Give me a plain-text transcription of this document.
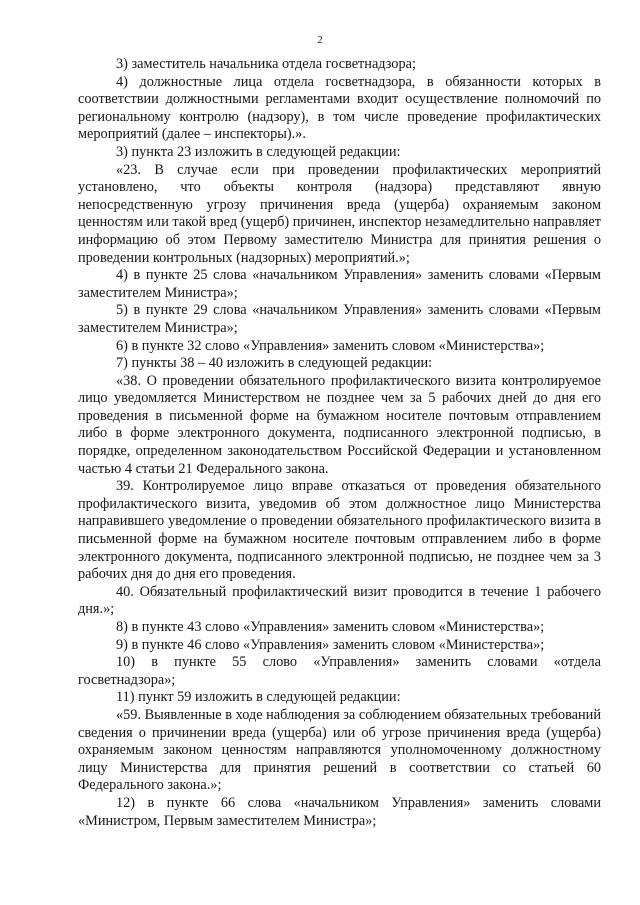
2

3) заместитель начальника отдела госветнадзора;

4) должностные лица отдела госветнадзора, в обязанности которых в соответствии должностными регламентами входит осуществление полномочий по региональному контролю (надзору), в том числе проведение профилактических мероприятий (далее – инспекторы).».

3) пункта 23 изложить в следующей редакции:

«23. В случае если при проведении профилактических мероприятий установлено, что объекты контроля (надзора) представляют явную непосредственную угрозу причинения вреда (ущерба) охраняемым законом ценностям или такой вред (ущерб) причинен, инспектор незамедлительно направляет информацию об этом Первому заместителю Министра для принятия решения о проведении контрольных (надзорных) мероприятий.»;

4) в пункте 25 слова «начальником Управления» заменить словами «Первым заместителем Министра»;

5) в пункте 29 слова «начальником Управления» заменить словами «Первым заместителем Министра»;

6) в пункте 32 слово «Управления» заменить словом «Министерства»;

7) пункты 38 – 40 изложить в следующей редакции:

«38. О проведении обязательного профилактического визита контролируемое лицо уведомляется Министерством не позднее чем за 5 рабочих дней до дня его проведения в письменной форме на бумажном носителе почтовым отправлением либо в форме электронного документа, подписанного электронной подписью, в порядке, определенном законодательством Российской Федерации и установленном частью 4 статьи 21 Федерального закона.

39. Контролируемое лицо вправе отказаться от проведения обязательного профилактического визита, уведомив об этом должностное лицо Министерства направившего уведомление о проведении обязательного профилактического визита в письменной форме на бумажном носителе почтовым отправлением либо в форме электронного документа, подписанного электронной подписью, не позднее чем за 3 рабочих дня до дня его проведения.

40. Обязательный профилактический визит проводится в течение 1 рабочего дня.»;

8) в пункте 43 слово «Управления» заменить словом «Министерства»;

9) в пункте 46 слово «Управления» заменить словом «Министерства»;

10) в пункте 55 слово «Управления» заменить словами «отдела госветнадзора»;

11) пункт 59 изложить в следующей редакции:

«59. Выявленные в ходе наблюдения за соблюдением обязательных требований сведения о причинении вреда (ущерба) или об угрозе причинения вреда (ущерба) охраняемым законом ценностям направляются уполномоченному должностному лицу Министерства для принятия решений в соответствии со статьей 60 Федерального закона.»;

12) в пункте 66 слова «начальником Управления» заменить словами «Министром, Первым заместителем Министра»;
